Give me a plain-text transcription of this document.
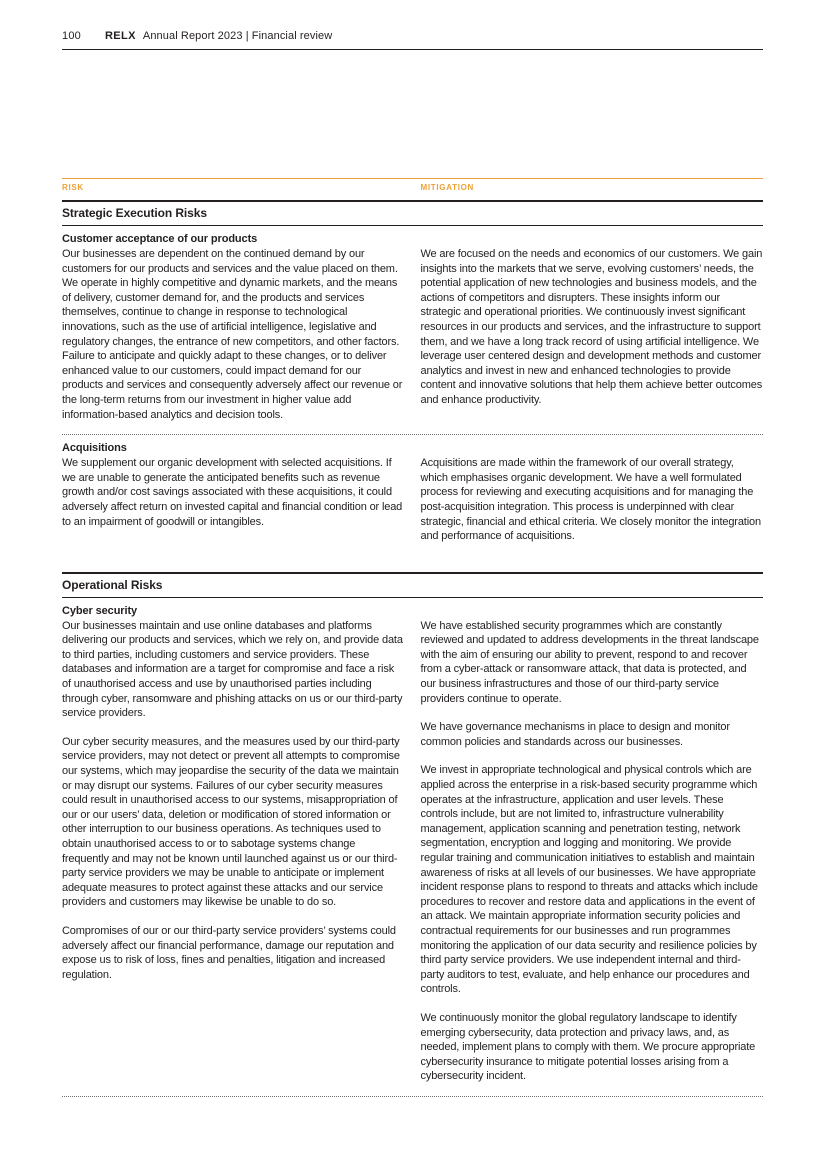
100 RELX Annual Report 2023 | Financial review
RISK	MITIGATION
Strategic Execution Risks
Customer acceptance of our products

Our businesses are dependent on the continued demand by our customers for our products and services and the value placed on them. We operate in highly competitive and dynamic markets, and the means of delivery, customer demand for, and the products and services themselves, continue to change in response to technological innovations, such as the use of artificial intelligence, legislative and regulatory changes, the entrance of new competitors, and other factors. Failure to anticipate and quickly adapt to these changes, or to deliver enhanced value to our customers, could impact demand for our products and services and consequently adversely affect our revenue or the long-term returns from our investment in higher value add information-based analytics and decision tools.

We are focused on the needs and economics of our customers. We gain insights into the markets that we serve, evolving customers’ needs, the potential application of new technologies and business models, and the actions of competitors and disrupters. These insights inform our strategic and operational priorities. We continuously invest significant resources in our products and services, and the infrastructure to support them, and we have a long track record of using artificial intelligence. We leverage user centered design and development methods and customer analytics and invest in new and enhanced technologies to provide content and innovative solutions that help them achieve better outcomes and enhance productivity.

Acquisitions

We supplement our organic development with selected acquisitions. If we are unable to generate the anticipated benefits such as revenue growth and/or cost savings associated with these acquisitions, it could adversely affect return on invested capital and financial condition or lead to an impairment of goodwill or intangibles.

Acquisitions are made within the framework of our overall strategy, which emphasises organic development. We have a well formulated process for reviewing and executing acquisitions and for managing the post-acquisition integration. This process is underpinned with clear strategic, financial and ethical criteria. We closely monitor the integration and performance of acquisitions.

Operational Risks
Cyber security

Our businesses maintain and use online databases and platforms delivering our products and services, which we rely on, and provide data to third parties, including customers and service providers. These databases and information are a target for compromise and face a risk of unauthorised access and use by unauthorised parties including through cyber, ransomware and phishing attacks on us or our third-party service providers.

Our cyber security measures, and the measures used by our third-party service providers, may not detect or prevent all attempts to compromise our systems, which may jeopardise the security of the data we maintain or may disrupt our systems. Failures of our cyber security measures could result in unauthorised access to our systems, misappropriation of our or our users’ data, deletion or modification of stored information or other interruption to our business operations. As techniques used to obtain unauthorised access to or to sabotage systems change frequently and may not be known until launched against us or our third-party service providers we may be unable to anticipate or implement adequate measures to protect against these attacks and our service providers and customers may likewise be unable to do so.

Compromises of our or our third-party service providers’ systems could adversely affect our financial performance, damage our reputation and expose us to risk of loss, fines and penalties, litigation and increased regulation.

We have established security programmes which are constantly reviewed and updated to address developments in the threat landscape with the aim of ensuring our ability to prevent, respond to and recover from a cyber-attack or ransomware attack, that data is protected, and our business infrastructures and those of our third-party service providers continue to operate.

We have governance mechanisms in place to design and monitor common policies and standards across our businesses.

We invest in appropriate technological and physical controls which are applied across the enterprise in a risk-based security programme which operates at the infrastructure, application and user levels. These controls include, but are not limited to, infrastructure vulnerability management, application scanning and penetration testing, network segmentation, encryption and logging and monitoring. We provide regular training and communication initiatives to establish and maintain awareness of risks at all levels of our businesses. We have appropriate incident response plans to respond to threats and attacks which include procedures to recover and restore data and applications in the event of an attack. We maintain appropriate information security policies and contractual requirements for our businesses and run programmes monitoring the application of our data security and resilience policies by third party service providers. We use independent internal and third-party auditors to test, evaluate, and help enhance our procedures and controls.

We continuously monitor the global regulatory landscape to identify emerging cybersecurity, data protection and privacy laws, and, as needed, implement plans to comply with them. We procure appropriate cybersecurity insurance to mitigate potential losses arising from a cybersecurity incident.
